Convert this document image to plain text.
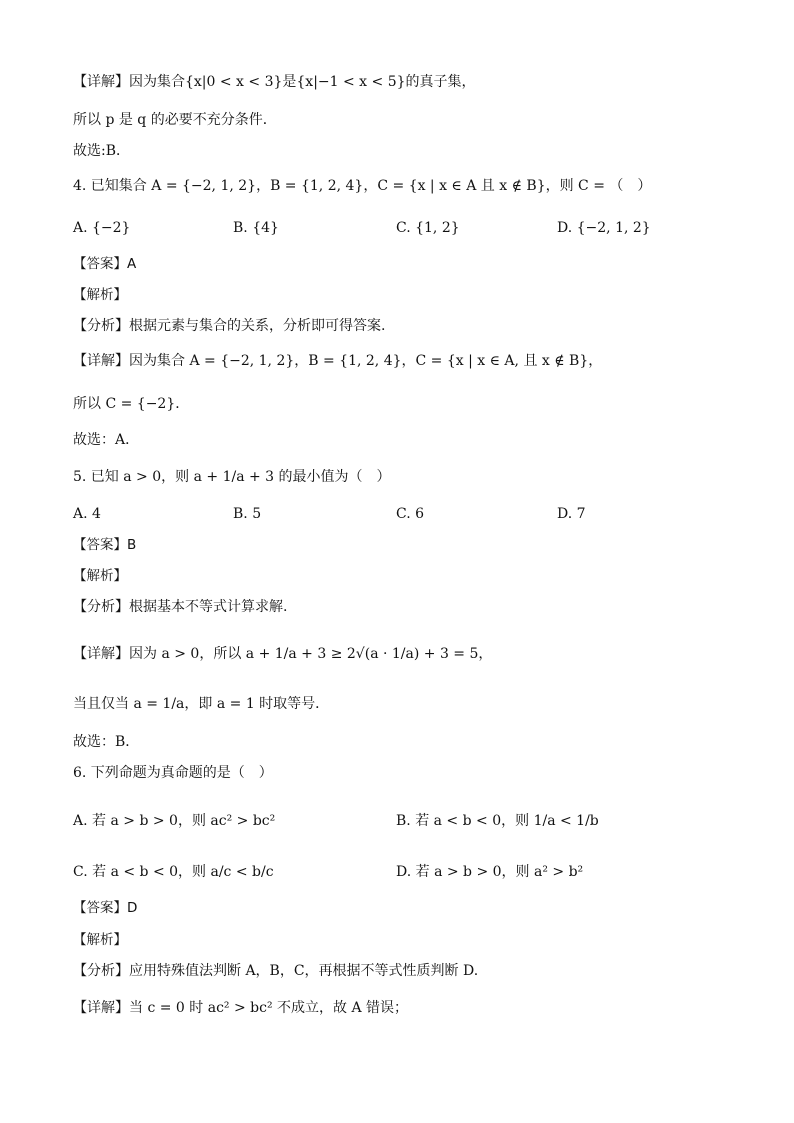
【详解】因为集合{x|0 < x < 3}是{x|−1 < x < 5}的真子集，
所以 p 是 q 的必要不充分条件．
故选:B．
4. 已知集合 A = {−2, 1, 2}，B = {1, 2, 4}，C = {x | x ∈ A 且 x ∉ B}，则 C = （　）
A. {−2}	B. {4}	C. {1, 2}	D. {−2, 1, 2}
【答案】A
【解析】
【分析】根据元素与集合的关系，分析即可得答案.
【详解】因为集合 A = {−2, 1, 2}，B = {1, 2, 4}，C = {x | x ∈ A, 且 x ∉ B}，
所以 C = {−2}．
故选：A．
5. 已知 a > 0，则 a + 1/a + 3 的最小值为（　）
A. 4	B. 5	C. 6	D. 7
【答案】B
【解析】
【分析】根据基本不等式计算求解.
【详解】因为 a > 0，所以 a + 1/a + 3 ≥ 2√(a · 1/a) + 3 = 5，
当且仅当 a = 1/a，即 a = 1 时取等号．
故选：B．
6. 下列命题为真命题的是（　）
A. 若 a > b > 0，则 ac² > bc²	B. 若 a < b < 0，则 1/a < 1/b
C. 若 a < b < 0，则 a/c < b/c	D. 若 a > b > 0，则 a² > b²
【答案】D
【解析】
【分析】应用特殊值法判断 A，B，C，再根据不等式性质判断 D.
【详解】当 c = 0 时 ac² > bc² 不成立，故 A 错误；
